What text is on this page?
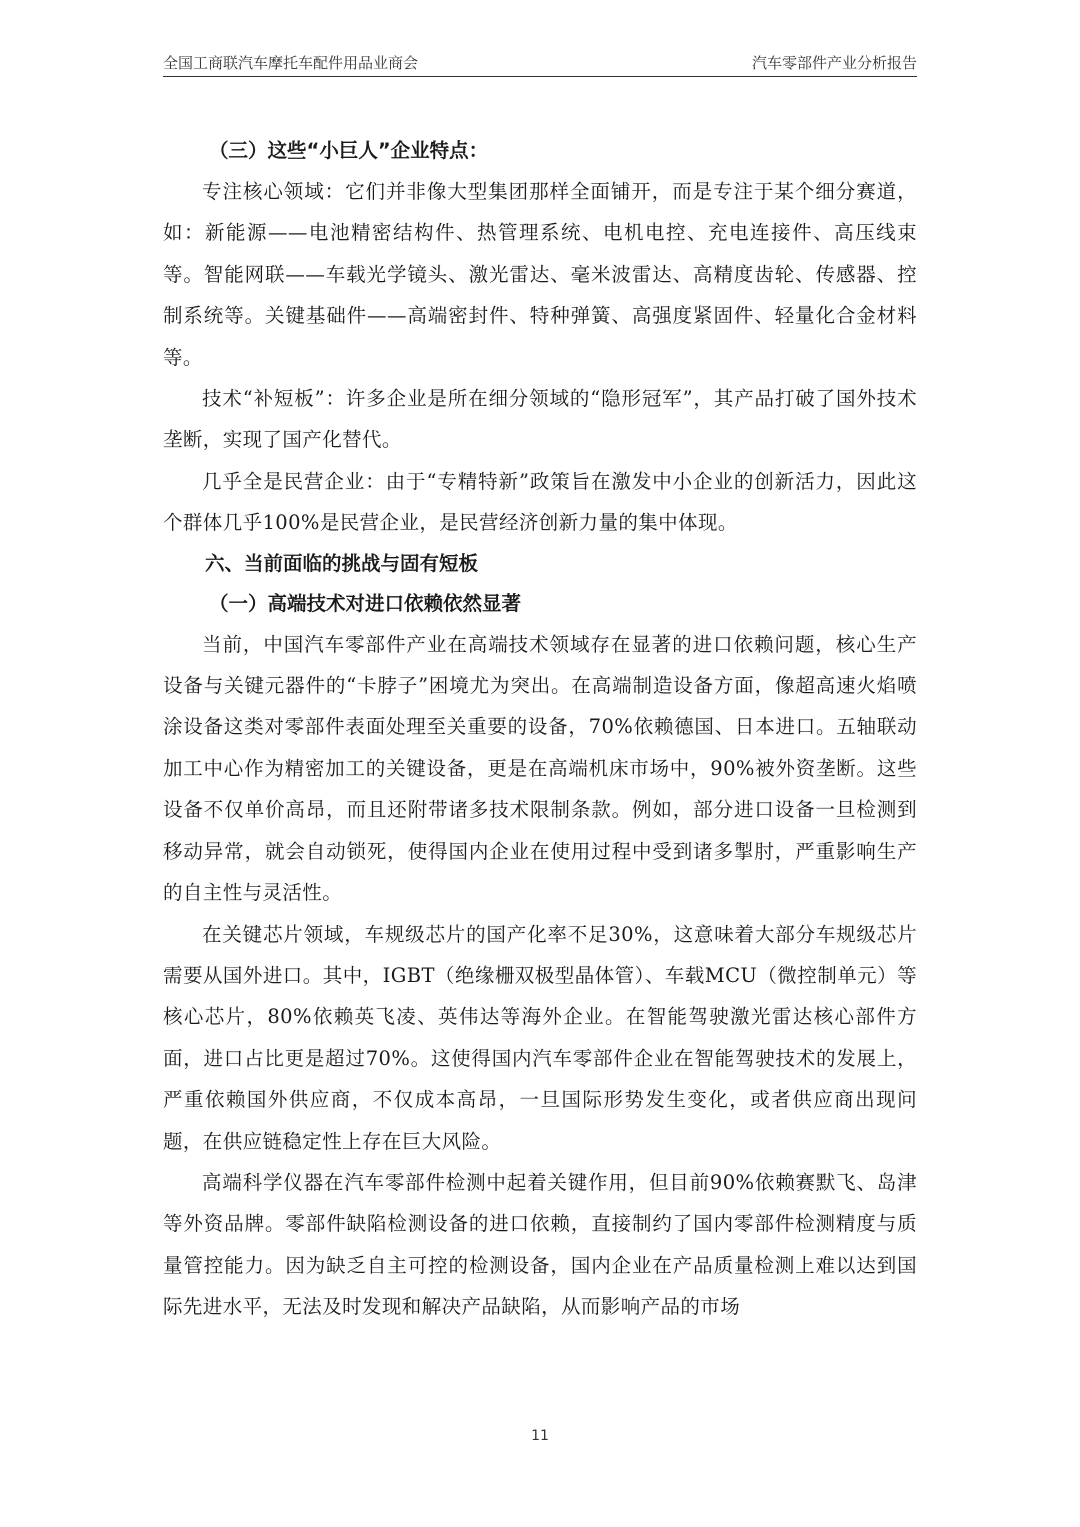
全国工商联汽车摩托车配件用品业商会	汽车零部件产业分析报告
（三）这些“小巨人”企业特点：

专注核心领域：它们并非像大型集团那样全面铺开，而是专注于某个细分赛道，如：新能源——电池精密结构件、热管理系统、电机电控、充电连接件、高压线束等。智能网联——车载光学镜头、激光雷达、毫米波雷达、高精度齿轮、传感器、控制系统等。关键基础件——高端密封件、特种弹簧、高强度紧固件、轻量化合金材料等。

技术“补短板”：许多企业是所在细分领域的“隐形冠军”，其产品打破了国外技术垄断，实现了国产化替代。

几乎全是民营企业：由于“专精特新”政策旨在激发中小企业的创新活力，因此这个群体几乎100%是民营企业，是民营经济创新力量的集中体现。

六、当前面临的挑战与固有短板
（一）高端技术对进口依赖依然显著

当前，中国汽车零部件产业在高端技术领域存在显著的进口依赖问题，核心生产设备与关键元器件的“卡脖子”困境尤为突出。在高端制造设备方面，像超高速火焰喷涂设备这类对零部件表面处理至关重要的设备，70%依赖德国、日本进口。五轴联动加工中心作为精密加工的关键设备，更是在高端机床市场中，90%被外资垄断。这些设备不仅单价高昂，而且还附带诸多技术限制条款。例如，部分进口设备一旦检测到移动异常，就会自动锁死，使得国内企业在使用过程中受到诸多掣肘，严重影响生产的自主性与灵活性。

在关键芯片领域，车规级芯片的国产化率不足30%，这意味着大部分车规级芯片需要从国外进口。其中，IGBT（绝缘栅双极型晶体管）、车载MCU（微控制单元）等核心芯片，80%依赖英飞凌、英伟达等海外企业。在智能驾驶激光雷达核心部件方面，进口占比更是超过70%。这使得国内汽车零部件企业在智能驾驶技术的发展上，严重依赖国外供应商，不仅成本高昂，一旦国际形势发生变化，或者供应商出现问题，在供应链稳定性上存在巨大风险。

高端科学仪器在汽车零部件检测中起着关键作用，但目前90%依赖赛默飞、岛津等外资品牌。零部件缺陷检测设备的进口依赖，直接制约了国内零部件检测精度与质量管控能力。因为缺乏自主可控的检测设备，国内企业在产品质量检测上难以达到国际先进水平，无法及时发现和解决产品缺陷，从而影响产品的市场

11
